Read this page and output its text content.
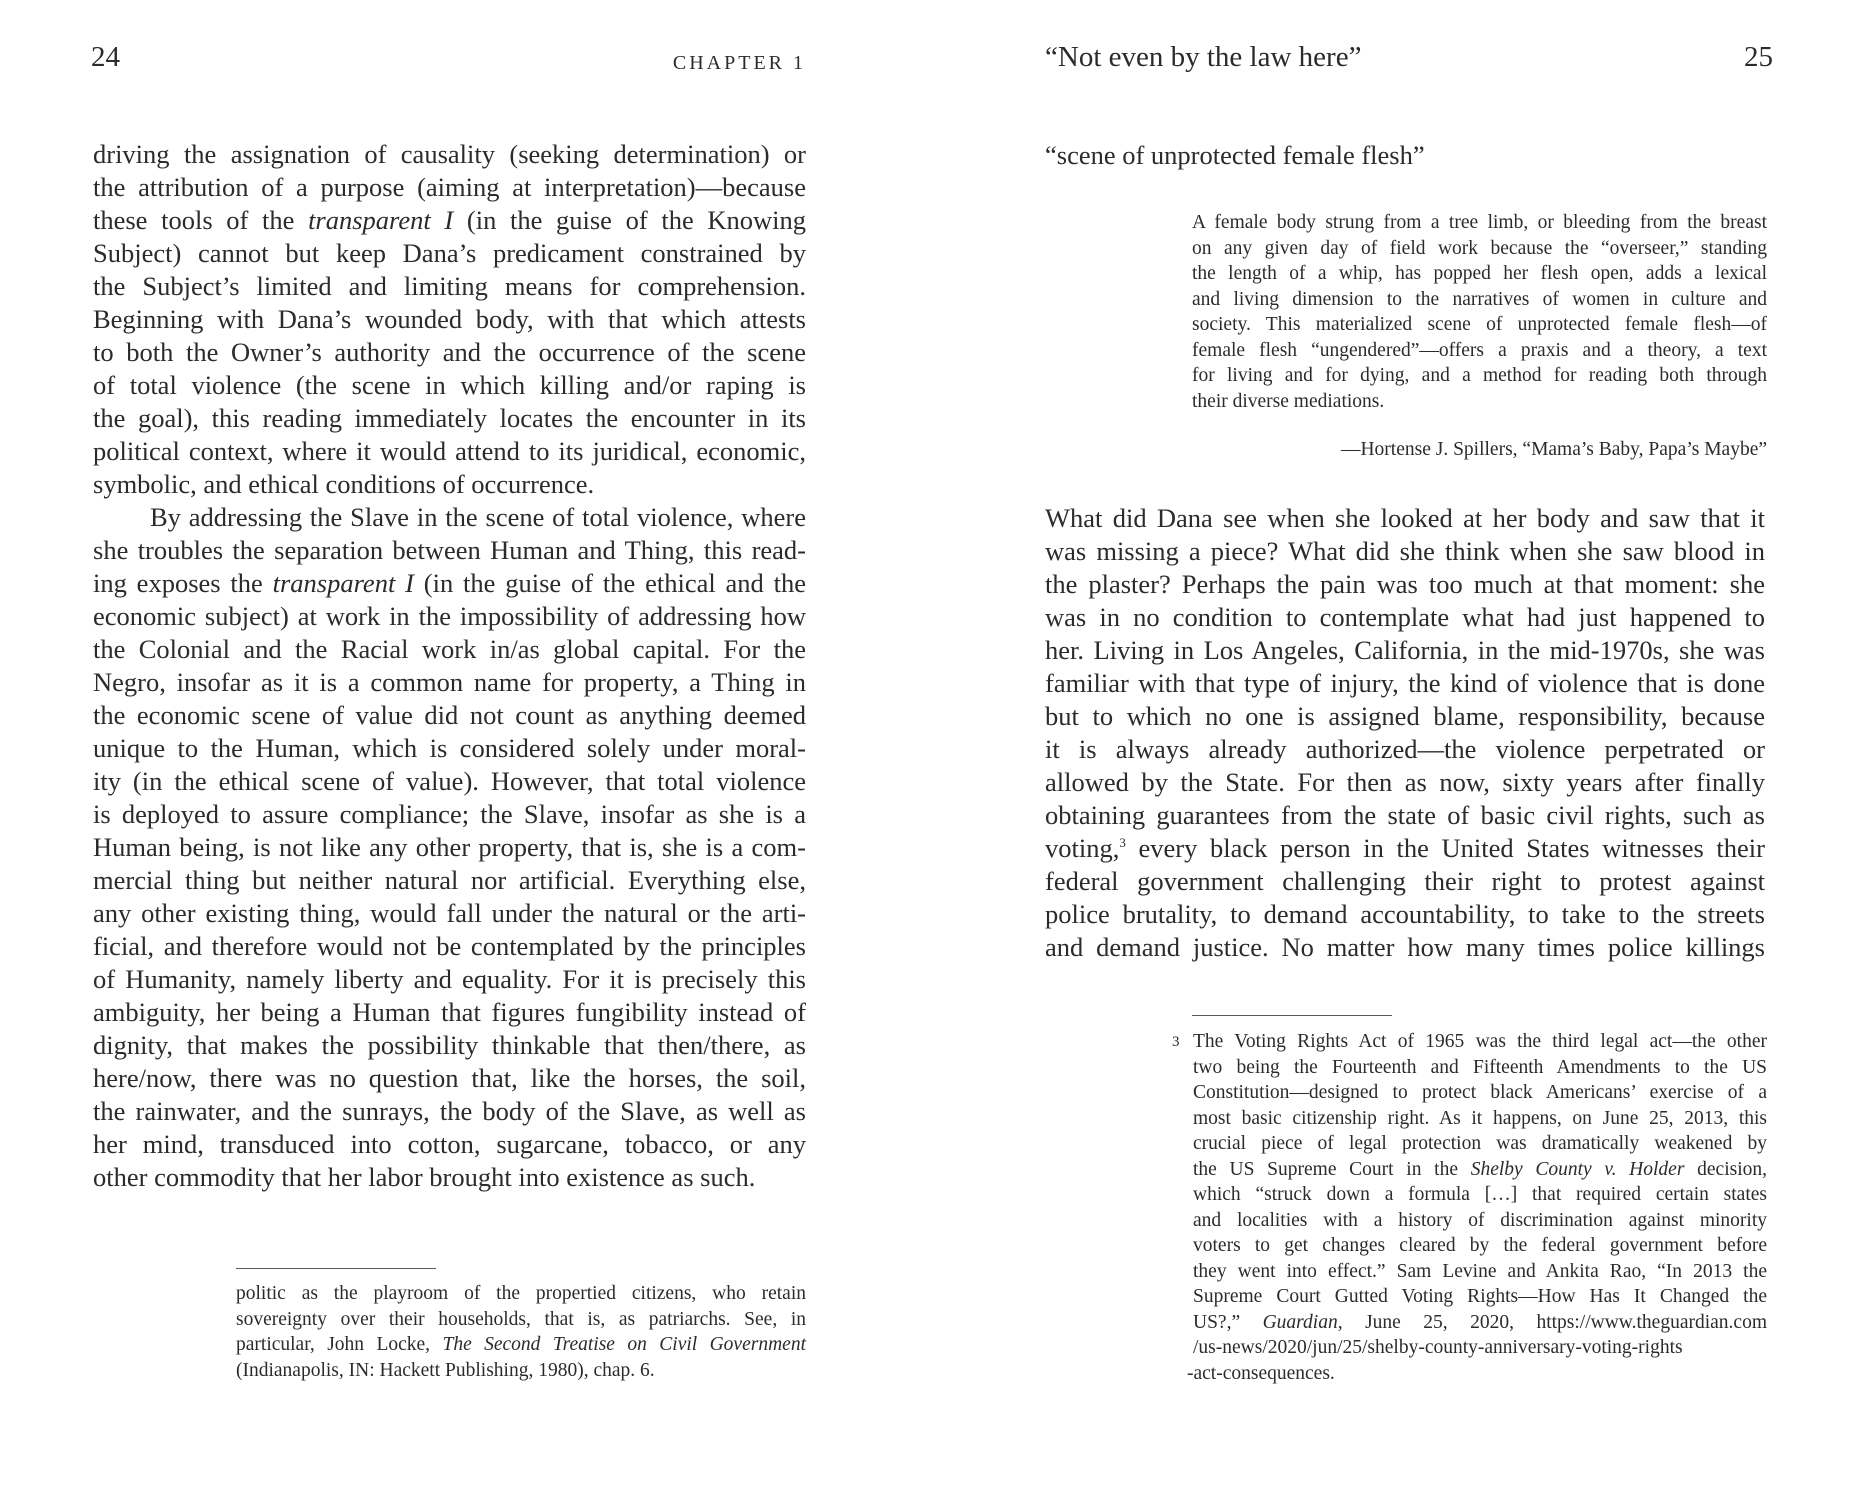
24	CHAPTER 1
driving the assignation of causality (seeking determination) or
the attribution of a purpose (aiming at interpretation)—because
these tools of the transparent I (in the guise of the Knowing
Subject) cannot but keep Dana’s predicament constrained by
the Subject’s limited and limiting means for comprehension.
Beginning with Dana’s wounded body, with that which attests
to both the Owner’s authority and the occurrence of the scene
of total violence (the scene in which killing and/or raping is
the goal), this reading immediately locates the encounter in its
political context, where it would attend to its juridical, economic,
symbolic, and ethical conditions of occurrence.
By addressing the Slave in the scene of total violence, where
she troubles the separation between Human and Thing, this read-
ing exposes the transparent I (in the guise of the ethical and the
economic subject) at work in the impossibility of addressing how
the Colonial and the Racial work in/as global capital. For the
Negro, insofar as it is a common name for property, a Thing in
the economic scene of value did not count as anything deemed
unique to the Human, which is considered solely under moral-
ity (in the ethical scene of value). However, that total violence
is deployed to assure compliance; the Slave, insofar as she is a
Human being, is not like any other property, that is, she is a com-
mercial thing but neither natural nor artificial. Everything else,
any other existing thing, would fall under the natural or the arti-
ficial, and therefore would not be contemplated by the principles
of Humanity, namely liberty and equality. For it is precisely this
ambiguity, her being a Human that figures fungibility instead of
dignity, that makes the possibility thinkable that then/there, as
here/now, there was no question that, like the horses, the soil,
the rainwater, and the sunrays, the body of the Slave, as well as
her mind, transduced into cotton, sugarcane, tobacco, or any
other commodity that her labor brought into existence as such.
politic as the playroom of the propertied citizens, who retain
sovereignty over their households, that is, as patriarchs. See, in
particular, John Locke, The Second Treatise on Civil Government
(Indianapolis, IN: Hackett Publishing, 1980), chap. 6.
“Not even by the law here”	25
“scene of unprotected female flesh”
A female body strung from a tree limb, or bleeding from the breast
on any given day of field work because the “overseer,” standing
the length of a whip, has popped her flesh open, adds a lexical
and living dimension to the narratives of women in culture and
society. This materialized scene of unprotected female flesh—of
female flesh “ungendered”—offers a praxis and a theory, a text
for living and for dying, and a method for reading both through
their diverse mediations.
—Hortense J. Spillers, “Mama’s Baby, Papa’s Maybe”
What did Dana see when she looked at her body and saw that it
was missing a piece? What did she think when she saw blood in
the plaster? Perhaps the pain was too much at that moment: she
was in no condition to contemplate what had just happened to
her. Living in Los Angeles, California, in the mid-1970s, she was
familiar with that type of injury, the kind of violence that is done
but to which no one is assigned blame, responsibility, because
it is always already authorized—the violence perpetrated or
allowed by the State. For then as now, sixty years after finally
obtaining guarantees from the state of basic civil rights, such as
voting,$^3$ every black person in the United States witnesses their
federal government challenging their right to protest against
police brutality, to demand accountability, to take to the streets
and demand justice. No matter how many times police killings
3 The Voting Rights Act of 1965 was the third legal act—the other
two being the Fourteenth and Fifteenth Amendments to the US
Constitution—designed to protect black Americans’ exercise of a
most basic citizenship right. As it happens, on June 25, 2013, this
crucial piece of legal protection was dramatically weakened by
the US Supreme Court in the Shelby County v. Holder decision,
which “struck down a formula […] that required certain states
and localities with a history of discrimination against minority
voters to get changes cleared by the federal government before
they went into effect.” Sam Levine and Ankita Rao, “In 2013 the
Supreme Court Gutted Voting Rights—How Has It Changed the
US?,” Guardian, June 25, 2020, https://www.theguardian.com
/us-news/2020/jun/25/shelby-county-anniversary-voting-rights
-act-consequences.
